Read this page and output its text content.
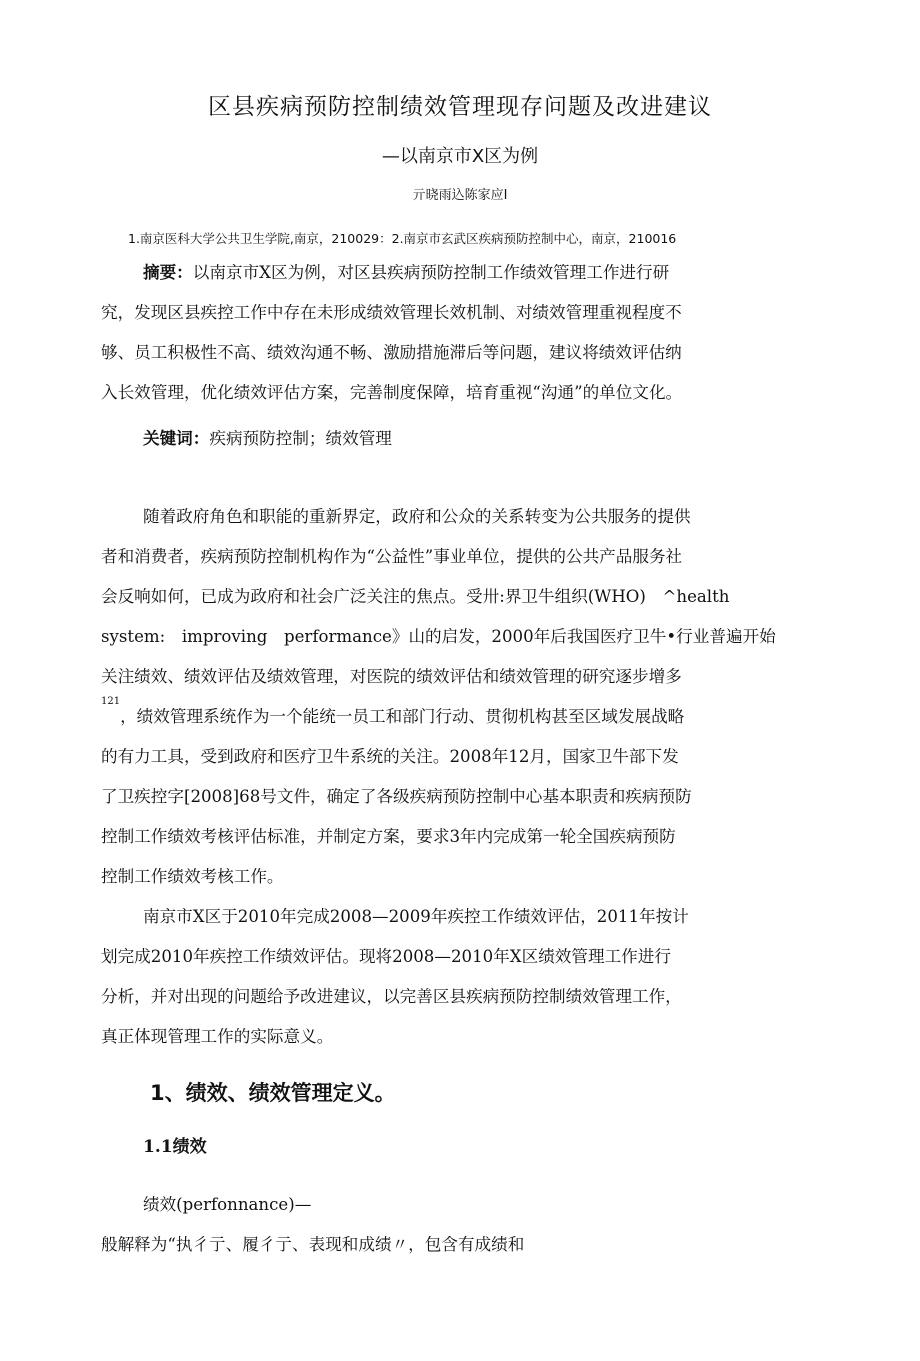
区县疾病预防控制绩效管理现存问题及改进建议
—以南京市X区为例
亓晓雨込陈家应I
1.南京医科大学公共卫生学院,南京，210029：2.南京市玄武区疾病预防控制中心，南京，210016
摘要：以南京市X区为例，对区县疾病预防控制工作绩效管理工作进行研
究，发现区县疾控工作中存在未形成绩效管理长效机制、对绩效管理重视程度不
够、员工积极性不高、绩效沟通不畅、激励措施滞后等问题，建议将绩效评估纳
入长效管理，优化绩效评估方案，完善制度保障，培育重视“沟通”的单位文化。
关键词：疾病预防控制；绩效管理
随着政府角色和职能的重新界定，政府和公众的关系转变为公共服务的提供
者和消费者，疾病预防控制机构作为“公益性”事业单位，提供的公共产品服务社
会反响如何，已成为政府和社会广泛关注的焦点。受卅:界卫牛组织(WHO)　^health
system:　improving　performance》山的启发，2000年后我国医疗卫牛•行业普遍开始
关注绩效、绩效评估及绩效管理，对医院的绩效评估和绩效管理的研究逐步增多
$^{121}$，绩效管理系统作为一个能统一员工和部门行动、贯彻机构甚至区域发展战略
的有力工具，受到政府和医疗卫牛系统的关注。2008年12月，国家卫牛部下发
了卫疾控字[2008]68号文件，确定了各级疾病预防控制中心基本职责和疾病预防
控制工作绩效考核评估标准，并制定方案，要求3年内完成第一轮全国疾病预防
控制工作绩效考核工作。
南京市X区于2010年完成2008—2009年疾控工作绩效评估，2011年按计
划完成2010年疾控工作绩效评估。现将2008—2010年X区绩效管理工作进行
分析，并对出现的问题给予改进建议，以完善区县疾病预防控制绩效管理工作，
真正体现管理工作的实际意义。
1、绩效、绩效管理定义。
1.1绩效
绩效(perfonnance)—
般解释为“执彳亍、履彳亍、表现和成绩〃，包含有成绩和
